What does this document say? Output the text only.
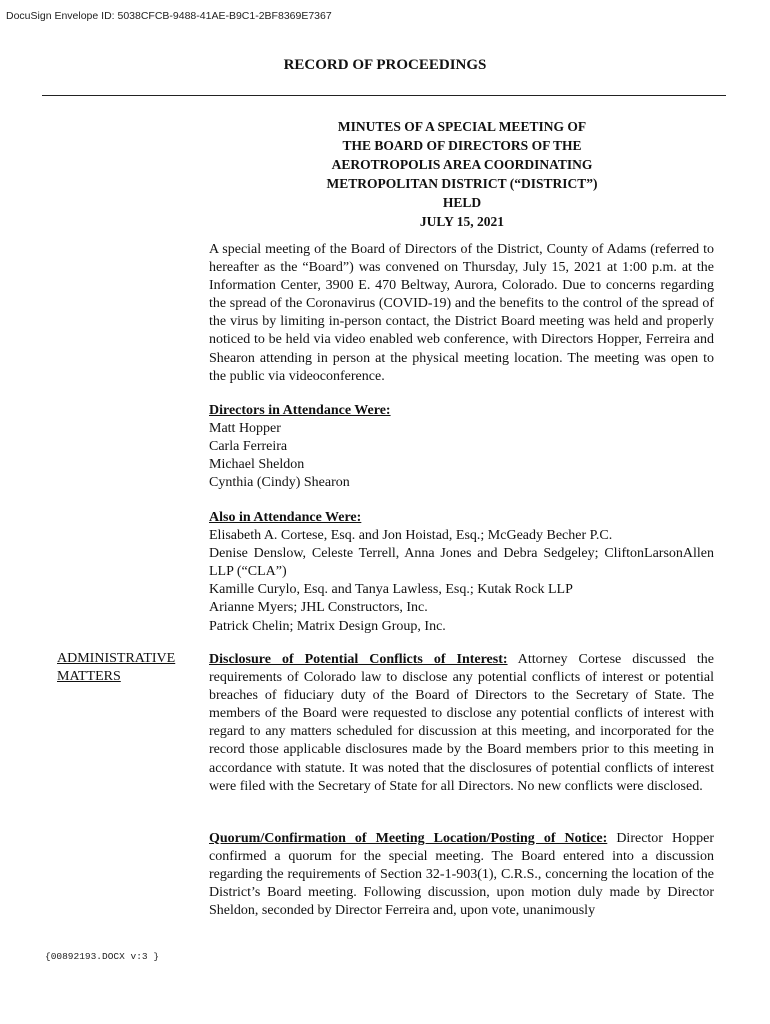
DocuSign Envelope ID: 5038CFCB-9488-41AE-B9C1-2BF8369E7367
RECORD OF PROCEEDINGS
MINUTES OF A SPECIAL MEETING OF
THE BOARD OF DIRECTORS OF THE
AEROTROPOLIS AREA COORDINATING
METROPOLITAN DISTRICT (“DISTRICT”)
HELD
JULY 15, 2021

A special meeting of the Board of Directors of the District, County of Adams (referred to hereafter as the “Board”) was convened on Thursday, July 15, 2021 at 1:00 p.m. at the Information Center, 3900 E. 470 Beltway, Aurora, Colorado. Due to concerns regarding the spread of the Coronavirus (COVID-19) and the benefits to the control of the spread of the virus by limiting in-person contact, the District Board meeting was held and properly noticed to be held via video enabled web conference, with Directors Hopper, Ferreira and Shearon attending in person at the physical meeting location. The meeting was open to the public via videoconference.

Directors in Attendance Were:
Matt Hopper
Carla Ferreira
Michael Sheldon
Cynthia (Cindy) Shearon
Also in Attendance Were:
Elisabeth A. Cortese, Esq. and Jon Hoistad, Esq.; McGeady Becher P.C.
Denise Denslow, Celeste Terrell, Anna Jones and Debra Sedgeley; CliftonLarsonAllen LLP (“CLA”)
Kamille Curylo, Esq. and Tanya Lawless, Esq.; Kutak Rock LLP
Arianne Myers; JHL Constructors, Inc.
Patrick Chelin; Matrix Design Group, Inc.
ADMINISTRATIVE
MATTERS

Disclosure of Potential Conflicts of Interest: Attorney Cortese discussed the requirements of Colorado law to disclose any potential conflicts of interest or potential breaches of fiduciary duty of the Board of Directors to the Secretary of State. The members of the Board were requested to disclose any potential conflicts of interest with regard to any matters scheduled for discussion at this meeting, and incorporated for the record those applicable disclosures made by the Board members prior to this meeting in accordance with statute. It was noted that the disclosures of potential conflicts of interest were filed with the Secretary of State for all Directors. No new conflicts were disclosed.

Quorum/Confirmation of Meeting Location/Posting of Notice: Director Hopper confirmed a quorum for the special meeting. The Board entered into a discussion regarding the requirements of Section 32-1-903(1), C.R.S., concerning the location of the District’s Board meeting. Following discussion, upon motion duly made by Director Sheldon, seconded by Director Ferreira and, upon vote, unanimously

{00892193.DOCX v:3 }
